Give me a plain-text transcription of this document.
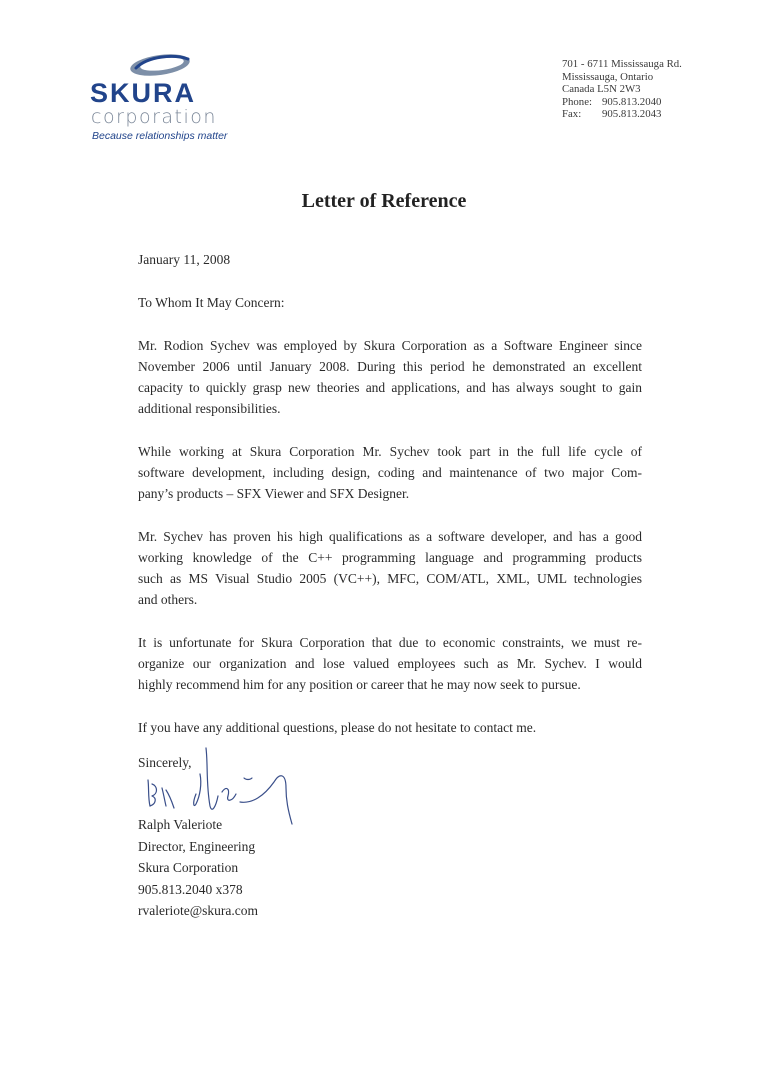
SKURA
corporation
Because relationships matter
701 - 6711 Mississauga Rd.
Mississauga, Ontario
Canada L5N 2W3
Phone: 905.813.2040
Fax: 905.813.2043
Letter of Reference
January 11, 2008
To Whom It May Concern:
Mr. Rodion Sychev was employed by Skura Corporation as a Software Engineer since
November 2006 until January 2008. During this period he demonstrated an excellent
capacity to quickly grasp new theories and applications, and has always sought to gain
additional responsibilities.
While working at Skura Corporation Mr. Sychev took part in the full life cycle of
software development, including design, coding and maintenance of two major Com-
pany’s products – SFX Viewer and SFX Designer.
Mr. Sychev has proven his high qualifications as a software developer, and has a good
working knowledge of the C++ programming language and programming products
such as MS Visual Studio 2005 (VC++), MFC, COM/ATL, XML, UML technologies
and others.
It is unfortunate for Skura Corporation that due to economic constraints, we must re-
organize our organization and lose valued employees such as Mr. Sychev. I would
highly recommend him for any position or career that he may now seek to pursue.
If you have any additional questions, please do not hesitate to contact me.
Sincerely,
Ralph Valeriote
Director, Engineering
Skura Corporation
905.813.2040 x378
rvaleriote@skura.com
